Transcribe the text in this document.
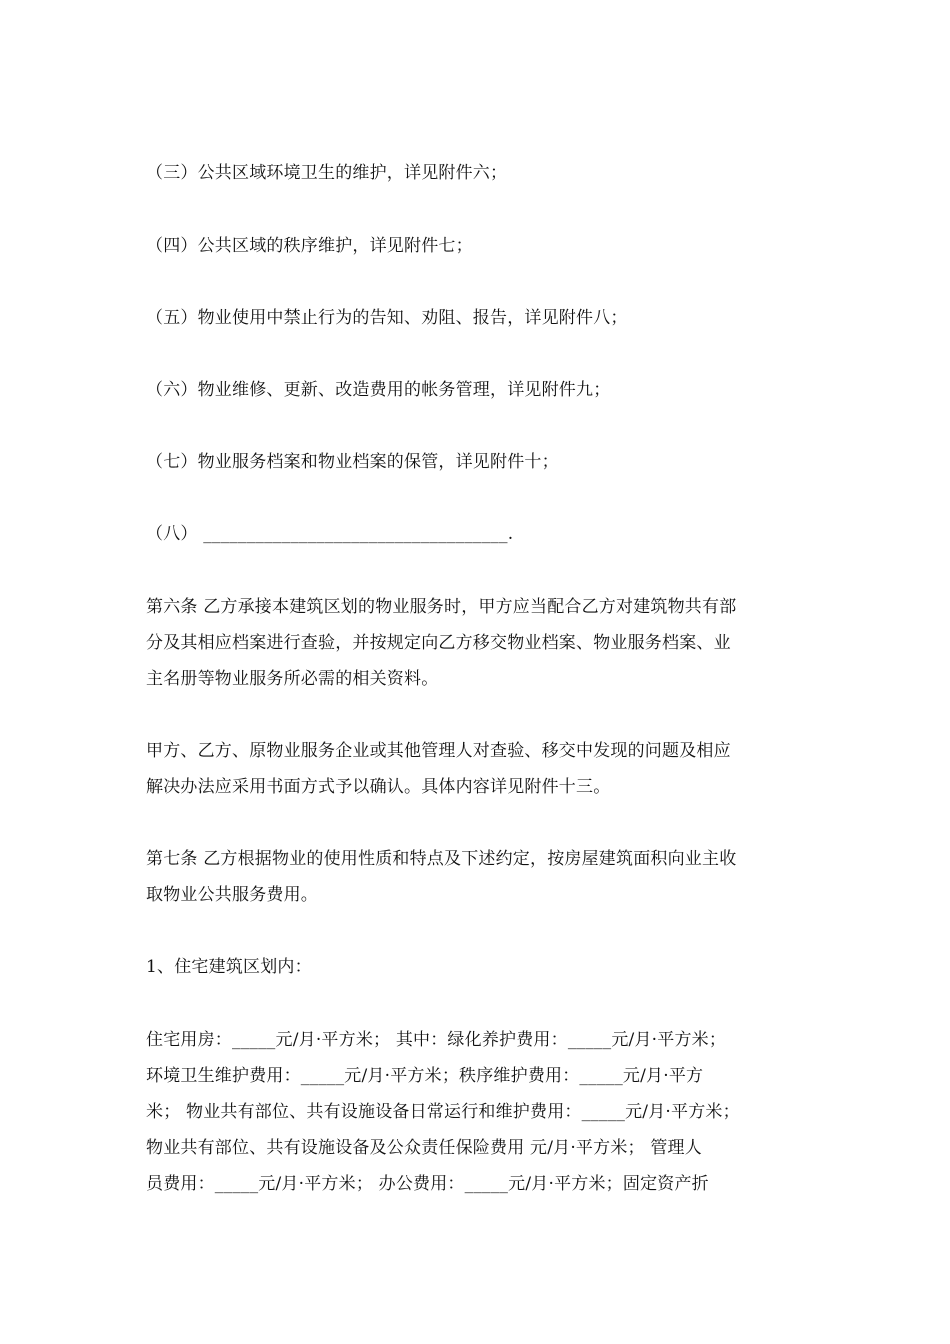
（三）公共区域环境卫生的维护，详见附件六；
（四）公共区域的秩序维护，详见附件七；
（五）物业使用中禁止行为的告知、劝阻、报告，详见附件八；
（六）物业维修、更新、改造费用的帐务管理，详见附件九；
（七）物业服务档案和物业档案的保管，详见附件十；
（八） ___________________________________.
第六条 乙方承接本建筑区划的物业服务时，甲方应当配合乙方对建筑物共有部
分及其相应档案进行查验，并按规定向乙方移交物业档案、物业服务档案、业
主名册等物业服务所必需的相关资料。
甲方、乙方、原物业服务企业或其他管理人对查验、移交中发现的问题及相应
解决办法应采用书面方式予以确认。具体内容详见附件十三。
第七条 乙方根据物业的使用性质和特点及下述约定，按房屋建筑面积向业主收
取物业公共服务费用。
1、住宅建筑区划内：
住宅用房：_____元/月·平方米； 其中：绿化养护费用：_____元/月·平方米；
环境卫生维护费用：_____元/月·平方米；秩序维护费用：_____元/月·平方
米； 物业共有部位、共有设施设备日常运行和维护费用：_____元/月·平方米；
物业共有部位、共有设施设备及公众责任保险费用 元/月·平方米； 管理人
员费用：_____元/月·平方米； 办公费用：_____元/月·平方米；固定资产折
